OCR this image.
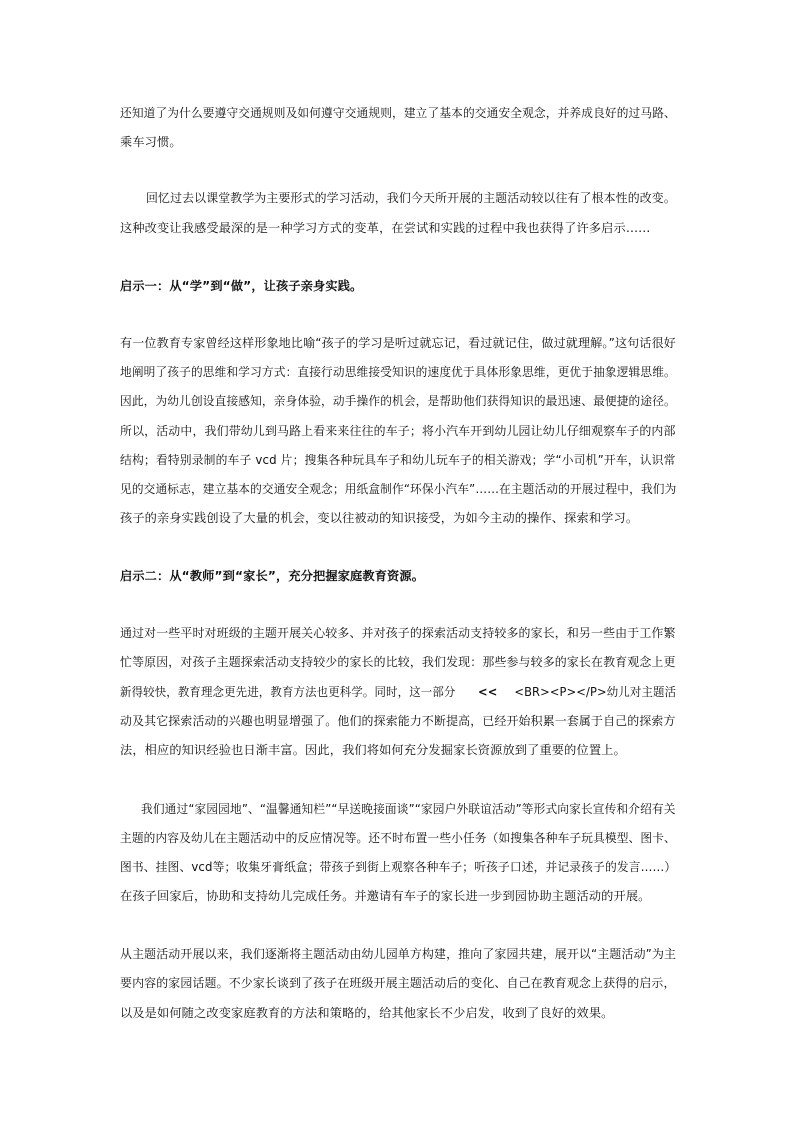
还知道了为什么要遵守交通规则及如何遵守交通规则，建立了基本的交通安全观念，并养成良好的过马路、
乘车习惯。
回忆过去以课堂教学为主要形式的学习活动，我们今天所开展的主题活动较以往有了根本性的改变。
这种改变让我感受最深的是一种学习方式的变革，在尝试和实践的过程中我也获得了许多启示……
启示一：从“学”到“做”，让孩子亲身实践。
有一位教育专家曾经这样形象地比喻“孩子的学习是听过就忘记，看过就记住，做过就理解。”这句话很好
地阐明了孩子的思维和学习方式：直接行动思维接受知识的速度优于具体形象思维，更优于抽象逻辑思维。
因此，为幼儿创设直接感知，亲身体验，动手操作的机会，是帮助他们获得知识的最迅速、最便捷的途径。
所以，活动中，我们带幼儿到马路上看来来往往的车子；将小汽车开到幼儿园让幼儿仔细观察车子的内部
结构；看特别录制的车子 vcd 片；搜集各种玩具车子和幼儿玩车子的相关游戏；学“小司机”开车，认识常
见的交通标志，建立基本的交通安全观念；用纸盒制作“环保小汽车”……在主题活动的开展过程中，我们为
孩子的亲身实践创设了大量的机会，变以往被动的知识接受，为如今主动的操作、探索和学习。
启示二：从“教师”到“家长”，充分把握家庭教育资源。
通过对一些平时对班级的主题开展关心较多、并对孩子的探索活动支持较多的家长，和另一些由于工作繁
忙等原因，对孩子主题探索活动支持较少的家长的比较，我们发现：那些参与较多的家长在教育观念上更
新得较快，教育理念更先进，教育方法也更科学。同时，这一部分 << <BR><P></P>幼儿对主题活
动及其它探索活动的兴趣也明显增强了。他们的探索能力不断提高，已经开始积累一套属于自己的探索方
法，相应的知识经验也日渐丰富。因此，我们将如何充分发掘家长资源放到了重要的位置上。
我们通过“家园园地”、“温馨通知栏”“早送晚接面谈”“家园户外联谊活动”等形式向家长宣传和介绍有关
主题的内容及幼儿在主题活动中的反应情况等。还不时布置一些小任务（如搜集各种车子玩具模型、图卡、
图书、挂图、vcd等；收集牙膏纸盒；带孩子到街上观察各种车子；听孩子口述，并记录孩子的发言……）
在孩子回家后，协助和支持幼儿完成任务。并邀请有车子的家长进一步到园协助主题活动的开展。
从主题活动开展以来，我们逐渐将主题活动由幼儿园单方构建，推向了家园共建，展开以“主题活动”为主
要内容的家园话题。不少家长谈到了孩子在班级开展主题活动后的变化、自己在教育观念上获得的启示，
以及是如何随之改变家庭教育的方法和策略的，给其他家长不少启发，收到了良好的效果。
